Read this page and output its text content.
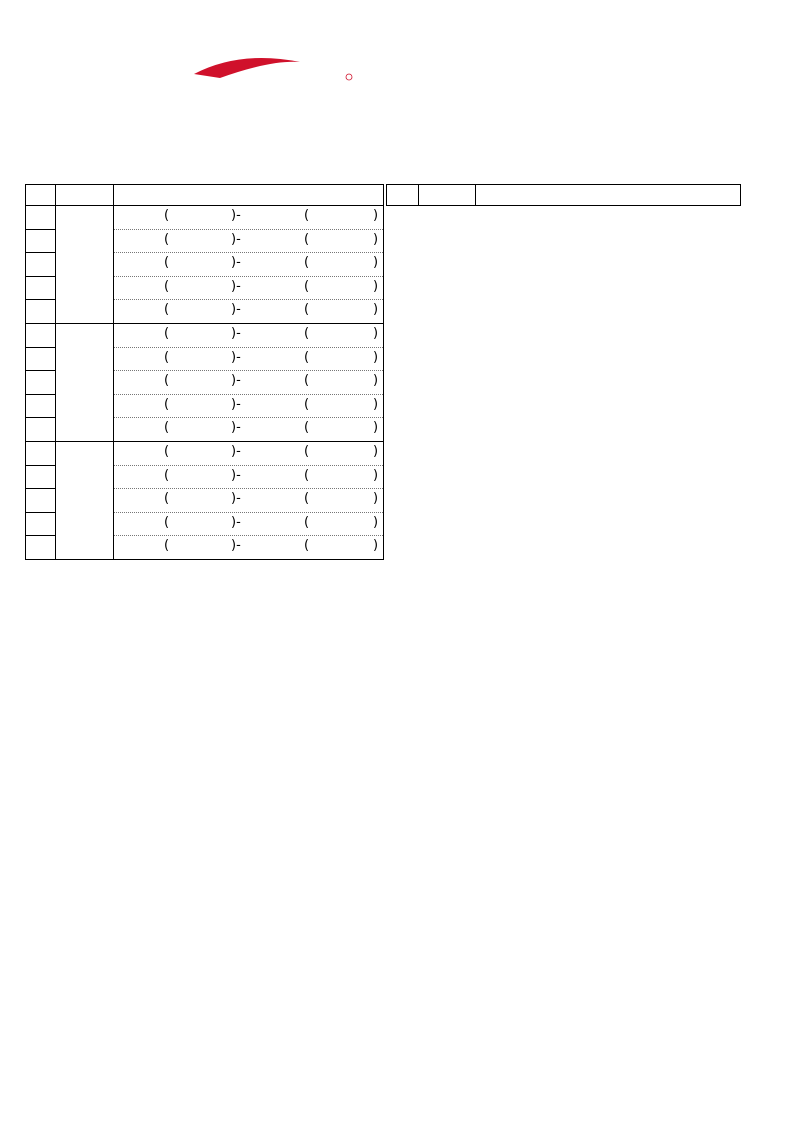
		( )- ( )

		( )- ( )

		( )- ( )

		( )- ( )

		( )- ( )

		( )- ( )

		( )- ( )

		( )- ( )

		( )- ( )

		( )- ( )

		( )- ( )

		( )- ( )

		( )- ( )

		( )- ( )

		( )- ( )
